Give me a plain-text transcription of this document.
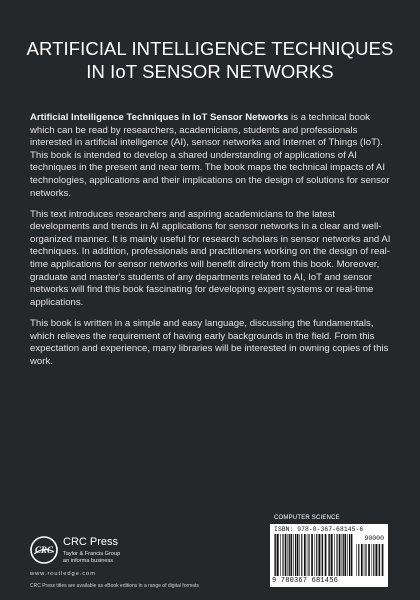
ARTIFICIAL INTELLIGENCE TECHNIQUES
IN IoT SENSOR NETWORKS

Artificial Intelligence Techniques in IoT Sensor Networks is a technical book which can be read by researchers, academicians, students and professionals interested in artificial intelligence (AI), sensor networks and Internet of Things (IoT). This book is intended to develop a shared understanding of applications of AI techniques in the present and near term. The book maps the technical impacts of AI technologies, applications and their implications on the design of solutions for sensor networks.

This text introduces researchers and aspiring academicians to the latest developments and trends in AI applications for sensor networks in a clear and well-organized manner. It is mainly useful for research scholars in sensor networks and AI techniques. In addition, professionals and practitioners working on the design of real-time applications for sensor networks will benefit directly from this book. Moreover, graduate and master's students of any departments related to AI, IoT and sensor networks will find this book fascinating for developing expert systems or real-time applications.

This book is written in a simple and easy language, discussing the fundamentals, which relieves the requirement of having early backgrounds in the field. From this expectation and experience, many libraries will be interested in owning copies of this work.

COMPUTER SCIENCE
ISBN: 978-0-367-68145-6
90000
9 780367 681456
CRC
CRC Press
Taylor & Francis Group
an informa business
www.routledge.com
CRC Press titles are available as eBook editions in a range of digital formats
